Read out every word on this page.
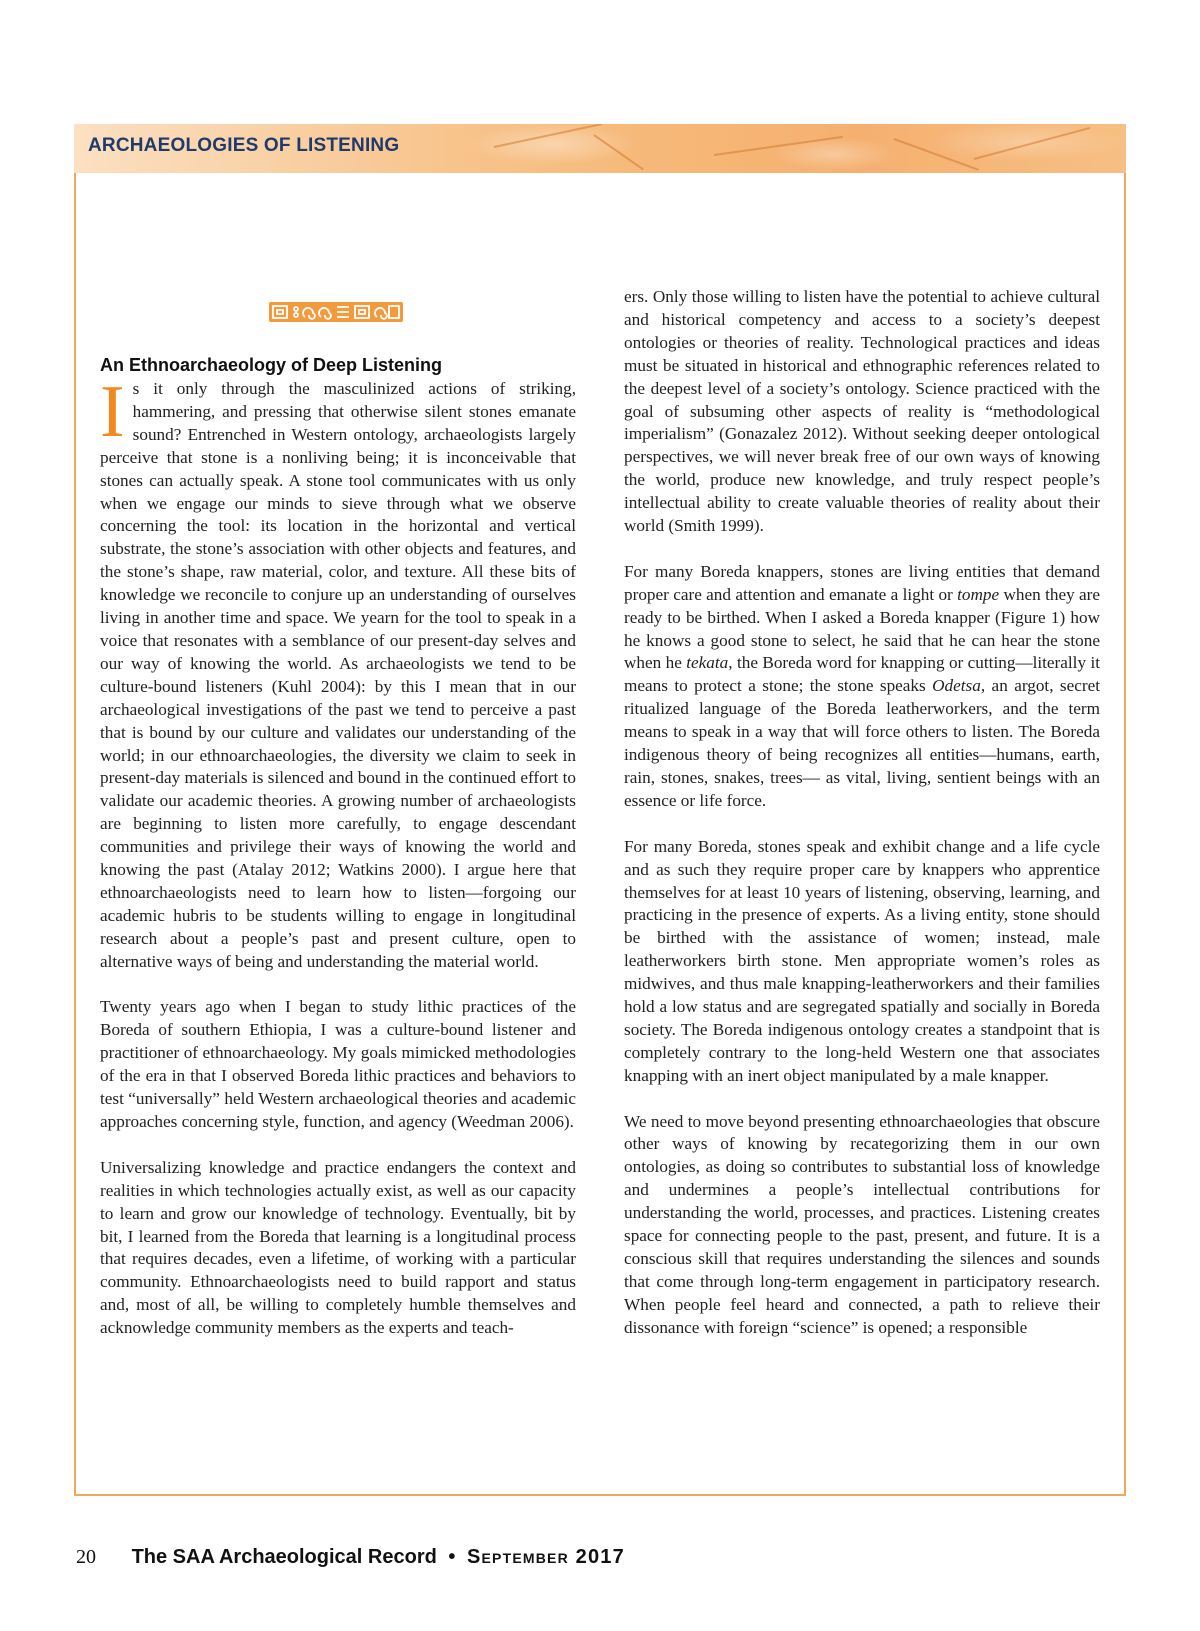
ARCHAEOLOGIES OF LISTENING
An Ethnoarchaeology of Deep Listening

Is it only through the masculinized actions of striking, hammering, and pressing that otherwise silent stones emanate sound? Entrenched in Western ontology, archaeologists largely perceive that stone is a nonliving being; it is inconceivable that stones can actually speak. A stone tool communicates with us only when we engage our minds to sieve through what we observe concerning the tool: its location in the horizontal and vertical substrate, the stone’s association with other objects and features, and the stone’s shape, raw material, color, and texture. All these bits of knowledge we reconcile to conjure up an understanding of ourselves living in another time and space. We yearn for the tool to speak in a voice that resonates with a semblance of our present-day selves and our way of knowing the world. As archaeologists we tend to be culture-bound listeners (Kuhl 2004): by this I mean that in our archaeological investigations of the past we tend to perceive a past that is bound by our culture and validates our understanding of the world; in our ethnoarchaeologies, the diversity we claim to seek in present-day materials is silenced and bound in the continued effort to validate our academic theories. A growing number of archaeologists are beginning to listen more carefully, to engage descendant communities and privilege their ways of knowing the world and knowing the past (Atalay 2012; Watkins 2000). I argue here that ethnoarchaeologists need to learn how to listen—forgoing our academic hubris to be students willing to engage in longitudinal research about a people’s past and present culture, open to alternative ways of being and understanding the material world.

Twenty years ago when I began to study lithic practices of the Boreda of southern Ethiopia, I was a culture-bound listener and practitioner of ethnoarchaeology. My goals mimicked methodologies of the era in that I observed Boreda lithic practices and behaviors to test “universally” held Western archaeological theories and academic approaches concerning style, function, and agency (Weedman 2006).

Universalizing knowledge and practice endangers the context and realities in which technologies actually exist, as well as our capacity to learn and grow our knowledge of technology. Eventually, bit by bit, I learned from the Boreda that learning is a longitudinal process that requires decades, even a lifetime, of working with a particular community. Ethnoarchaeologists need to build rapport and status and, most of all, be willing to completely humble themselves and acknowledge community members as the experts and teach-

ers. Only those willing to listen have the potential to achieve cultural and historical competency and access to a society’s deepest ontologies or theories of reality. Technological practices and ideas must be situated in historical and ethnographic references related to the deepest level of a society’s ontology. Science practiced with the goal of subsuming other aspects of reality is “methodological imperialism” (Gonazalez 2012). Without seeking deeper ontological perspectives, we will never break free of our own ways of knowing the world, produce new knowledge, and truly respect people’s intellectual ability to create valuable theories of reality about their world (Smith 1999).

For many Boreda knappers, stones are living entities that demand proper care and attention and emanate a light or tompe when they are ready to be birthed. When I asked a Boreda knapper (Figure 1) how he knows a good stone to select, he said that he can hear the stone when he tekata, the Boreda word for knapping or cutting—literally it means to protect a stone; the stone speaks Odetsa, an argot, secret ritualized language of the Boreda leatherworkers, and the term means to speak in a way that will force others to listen. The Boreda indigenous theory of being recognizes all entities—humans, earth, rain, stones, snakes, trees— as vital, living, sentient beings with an essence or life force.

For many Boreda, stones speak and exhibit change and a life cycle and as such they require proper care by knappers who apprentice themselves for at least 10 years of listening, observing, learning, and practicing in the presence of experts. As a living entity, stone should be birthed with the assistance of women; instead, male leatherworkers birth stone. Men appropriate women’s roles as midwives, and thus male knapping-leatherworkers and their families hold a low status and are segregated spatially and socially in Boreda society. The Boreda indigenous ontology creates a standpoint that is completely contrary to the long-held Western one that associates knapping with an inert object manipulated by a male knapper.

We need to move beyond presenting ethnoarchaeologies that obscure other ways of knowing by recategorizing them in our own ontologies, as doing so contributes to substantial loss of knowledge and undermines a people’s intellectual contributions for understanding the world, processes, and practices. Listening creates space for connecting people to the past, present, and future. It is a conscious skill that requires understanding the silences and sounds that come through long-term engagement in participatory research. When people feel heard and connected, a path to relieve their dissonance with foreign “science” is opened; a responsible

20 The SAA Archaeological Record • September 2017
